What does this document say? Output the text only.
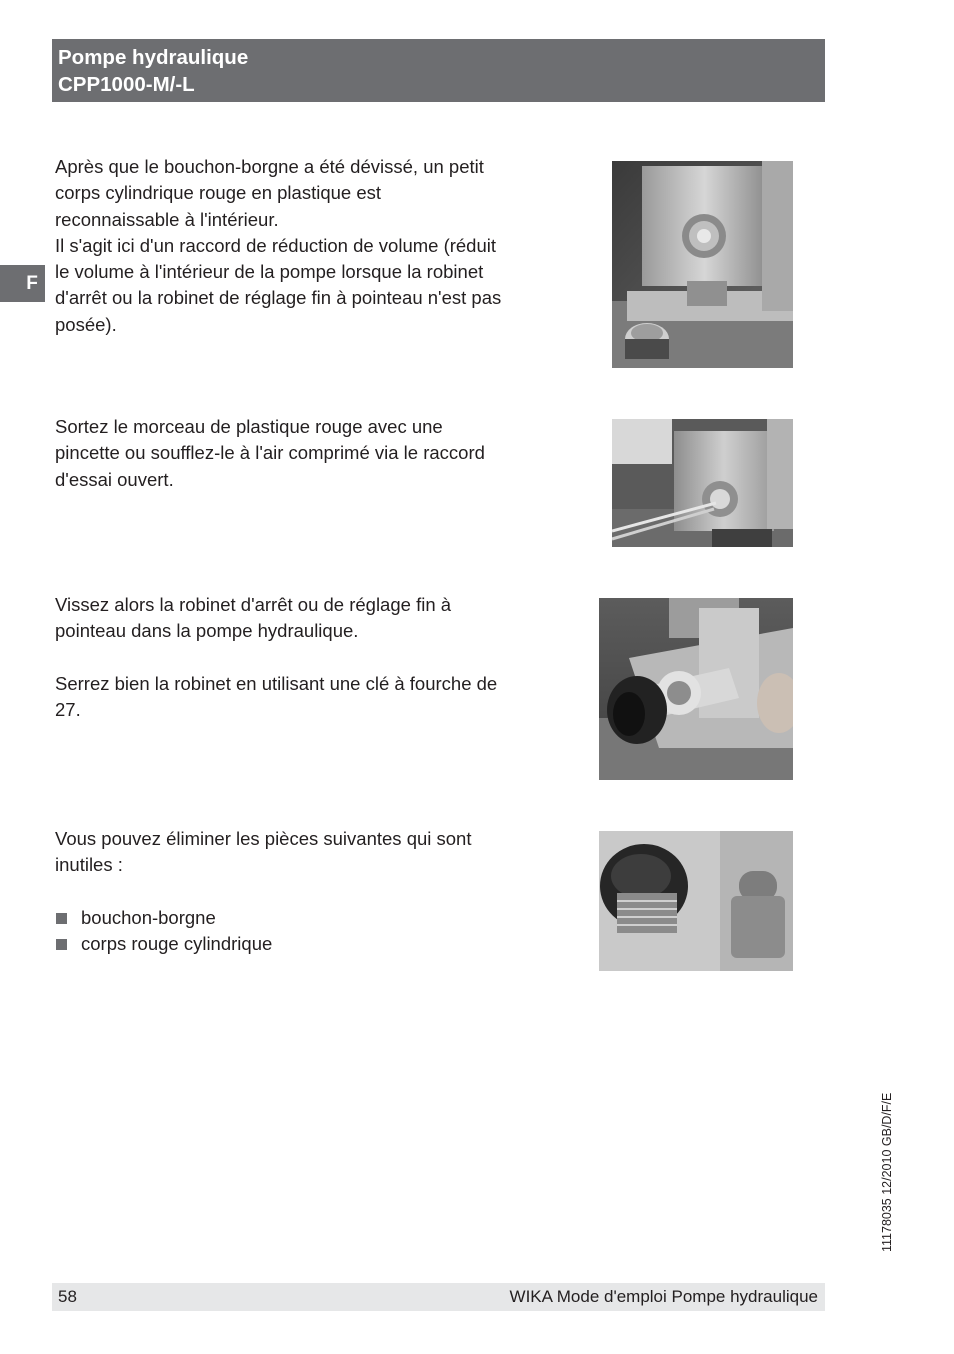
Pompe hydraulique
CPP1000-M/-L
F

Après que le bouchon-borgne a été dévissé, un petit corps cylindrique rouge en plastique est reconnaissable à l'intérieur.

Il s'agit ici d'un raccord de réduction de volume (réduit le volume à l'intérieur de la pompe lorsque la robinet d'arrêt ou la robinet de réglage fin à pointeau n'est pas posée).

Sortez le morceau de plastique rouge avec une pincette ou soufflez-le à l'air comprimé via le raccord d'essai ouvert.

Vissez alors la robinet d'arrêt ou de réglage fin à pointeau dans la pompe hydraulique.

Serrez bien la robinet en utilisant une clé à fourche de 27.

Vous pouvez éliminer les pièces suivantes qui sont inutiles :

bouchon-borgne
corps rouge cylindrique
11178035 12/2010 GB/D/F/E
58	WIKA Mode d'emploi Pompe hydraulique
